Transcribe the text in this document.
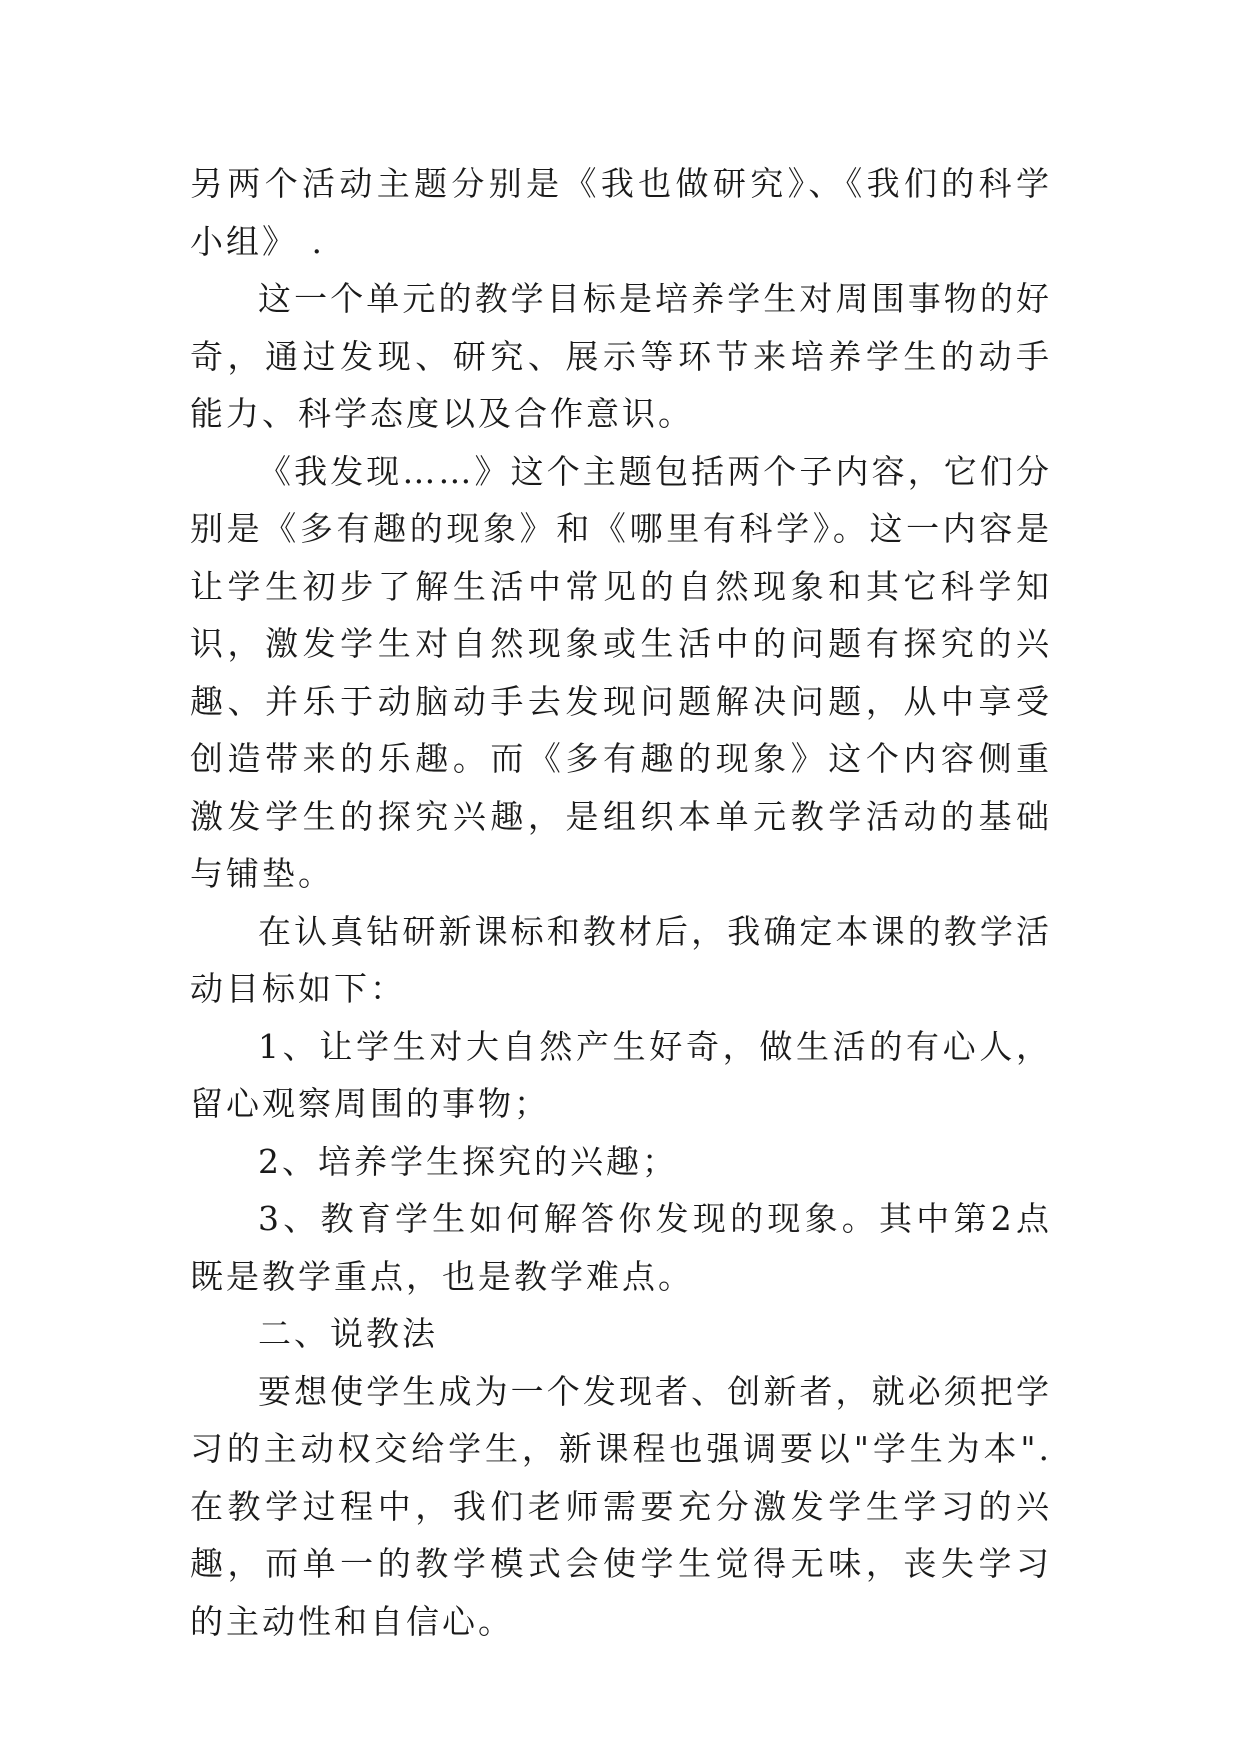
另两个活动主题分别是《我也做研究》、《我们的科学小组》 .

这一个单元的教学目标是培养学生对周围事物的好奇，通过发现、研究、展示等环节来培养学生的动手能力、科学态度以及合作意识。

《我发现……》这个主题包括两个子内容，它们分别是《多有趣的现象》和《哪里有科学》。这一内容是让学生初步了解生活中常见的自然现象和其它科学知识，激发学生对自然现象或生活中的问题有探究的兴趣、并乐于动脑动手去发现问题解决问题，从中享受创造带来的乐趣。而《多有趣的现象》这个内容侧重激发学生的探究兴趣，是组织本单元教学活动的基础与铺垫。

在认真钻研新课标和教材后，我确定本课的教学活动目标如下：

1、让学生对大自然产生好奇，做生活的有心人，留心观察周围的事物；

2、培养学生探究的兴趣；

3、教育学生如何解答你发现的现象。其中第2点既是教学重点，也是教学难点。

二、说教法

要想使学生成为一个发现者、创新者，就必须把学习的主动权交给学生，新课程也强调要以"学生为本".在教学过程中，我们老师需要充分激发学生学习的兴趣，而单一的教学模式会使学生觉得无味，丧失学习的主动性和自信心。
